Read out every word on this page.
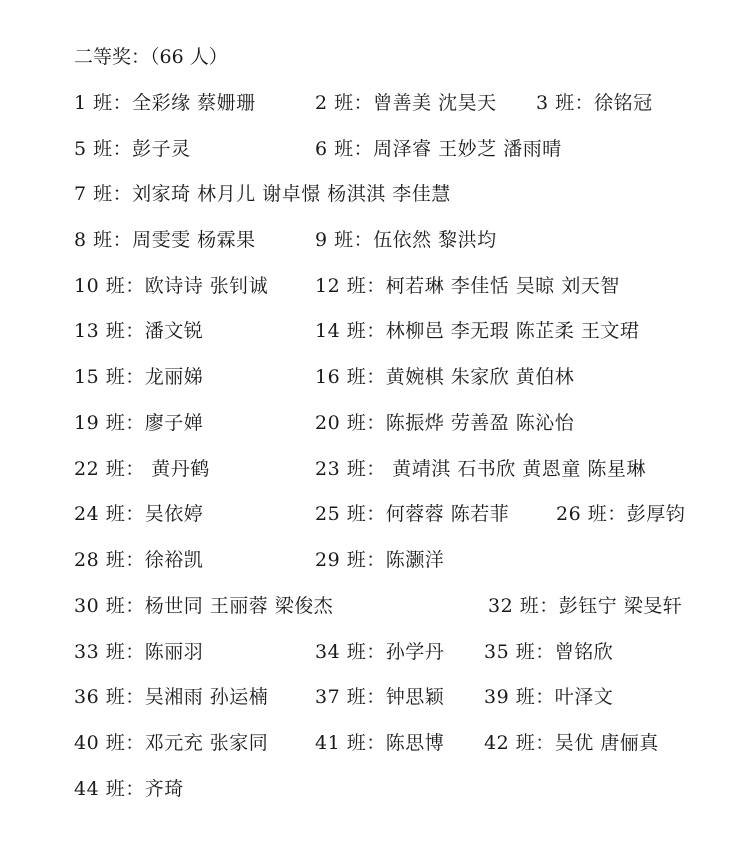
二等奖：（66 人）
1 班：全彩缘 蔡姗珊	2 班：曾善美 沈昊天 3 班：徐铭冠
5 班：彭子灵	6 班：周泽睿 王妙芝 潘雨晴
7 班：刘家琦 林月儿 谢卓憬 杨淇淇 李佳慧
8 班：周雯雯 杨霖果	9 班：伍依然 黎洪均
10 班：欧诗诗 张钊诚 12 班：柯若琳 李佳恬 吴晾 刘天智
13 班：潘文锐	14 班：林柳邑 李无瑕 陈芷柔 王文珺
15 班：龙丽娣	16 班：黄婉棋 朱家欣 黄伯林
19 班：廖子婵	20 班：陈振烨 劳善盈 陈沁怡
22 班： 黄丹鹤	23 班： 黄靖淇 石书欣 黄恩童 陈星琳
24 班：吴依婷	25 班：何蓉蓉 陈若菲 26 班：彭厚钧
28 班：徐裕凯	29 班：陈灏洋
30 班：杨世同 王丽蓉 梁俊杰	32 班：彭钰宁 梁旻轩
33 班：陈丽羽	34 班：孙学丹 35 班：曾铭欣
36 班：吴湘雨 孙运楠 37 班：钟思颖 39 班：叶泽文
40 班：邓元充 张家同 41 班：陈思博 42 班：吴优 唐俪真
44 班：齐琦
